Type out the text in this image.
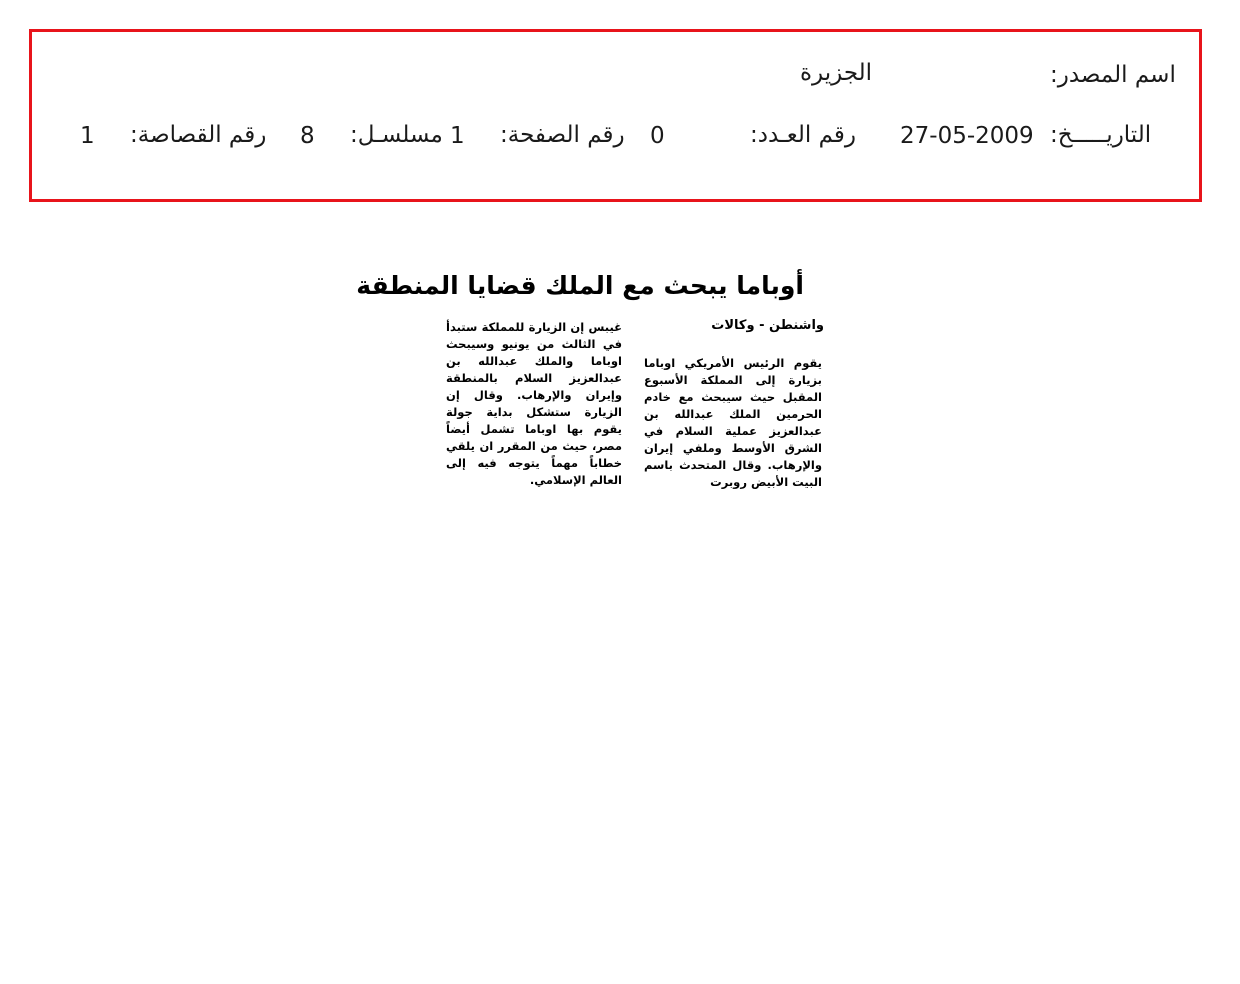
اسم المصدر:
الجزيرة
التاريـــــخ:
27-05-2009
رقم العـدد:
0
رقم الصفحة:
1
مسلسـل:
8
رقم القصاصة:
1
أوباما يبحث مع الملك قضايا المنطقة
واشنطن - وكالات
يقوم الرئيس الأمريكي اوباما بزيارة إلى المملكة الأسبوع المقبل حيث سيبحث مع خادم الحرمين الملك عبدالله بن عبدالعزيز عملية السلام في الشرق الأوسط وملفي إيران والإرهاب. وقال المتحدث باسم البيت الأبيض روبرت
غيبس إن الزيارة للمملكة ستبدأ في الثالث من يونيو وسيبحث اوباما والملك عبدالله بن عبدالعزيز السلام بالمنطقة وإيران والإرهاب. وقال إن الزيارة ستشكل بداية جولة يقوم بها اوباما تشمل أيضاً مصر، حيث من المقرر ان يلقي خطاباً مهماً يتوجه فيه إلى العالم الإسلامي.
